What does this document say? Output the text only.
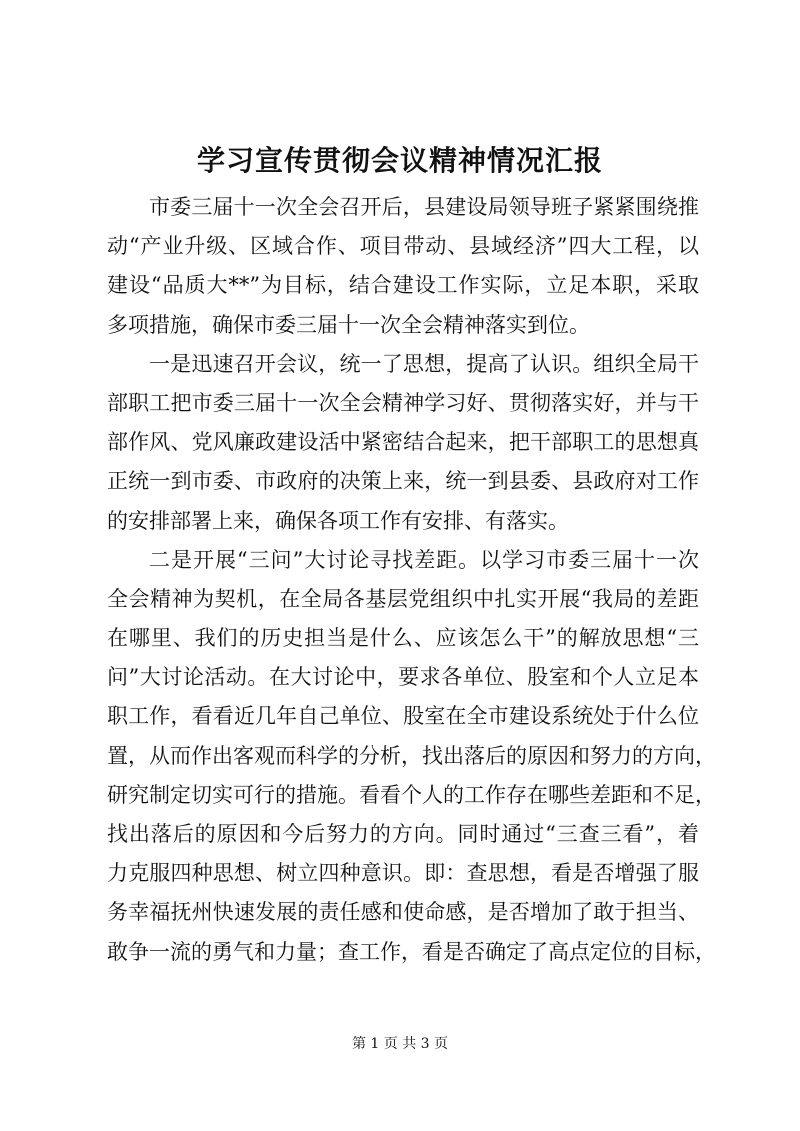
学习宣传贯彻会议精神情况汇报
市委三届十一次全会召开后，县建设局领导班子紧紧围绕推
动“产业升级、区域合作、项目带动、县域经济”四大工程，以
建设“品质大**”为目标，结合建设工作实际，立足本职，采取
多项措施，确保市委三届十一次全会精神落实到位。
一是迅速召开会议，统一了思想，提高了认识。组织全局干
部职工把市委三届十一次全会精神学习好、贯彻落实好，并与干
部作风、党风廉政建设活中紧密结合起来，把干部职工的思想真
正统一到市委、市政府的决策上来，统一到县委、县政府对工作
的安排部署上来，确保各项工作有安排、有落实。
二是开展“三问”大讨论寻找差距。以学习市委三届十一次
全会精神为契机，在全局各基层党组织中扎实开展“我局的差距
在哪里、我们的历史担当是什么、应该怎么干”的解放思想“三
问”大讨论活动。在大讨论中，要求各单位、股室和个人立足本
职工作，看看近几年自己单位、股室在全市建设系统处于什么位
置，从而作出客观而科学的分析，找出落后的原因和努力的方向，
研究制定切实可行的措施。看看个人的工作存在哪些差距和不足，
找出落后的原因和今后努力的方向。同时通过“三查三看”，着
力克服四种思想、树立四种意识。即：查思想，看是否增强了服
务幸福抚州快速发展的责任感和使命感，是否增加了敢于担当、
敢争一流的勇气和力量；查工作，看是否确定了高点定位的目标，
第 1 页 共 3 页
